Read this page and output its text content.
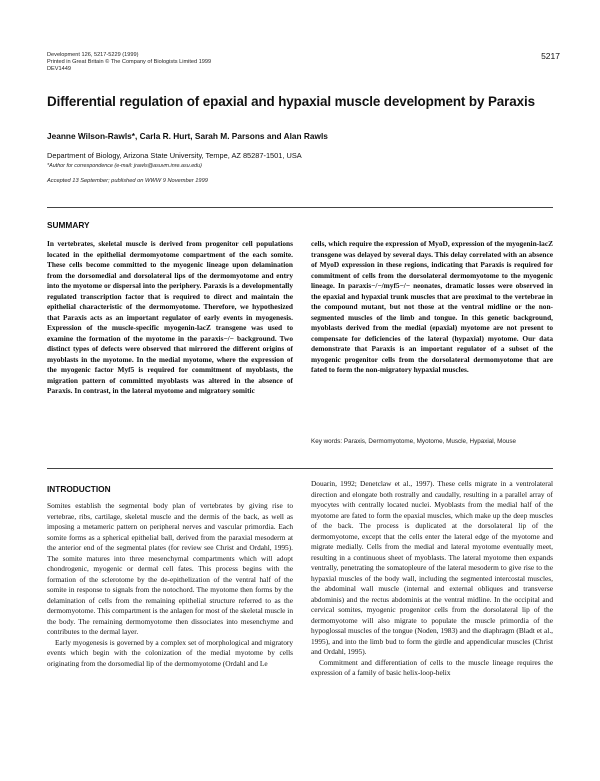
Development 126, 5217-5229 (1999)
Printed in Great Britain © The Company of Biologists Limited 1999
DEV1449
5217
Differential regulation of epaxial and hypaxial muscle development by Paraxis
Jeanne Wilson-Rawls*, Carla R. Hurt, Sarah M. Parsons and Alan Rawls
Department of Biology, Arizona State University, Tempe, AZ 85287-1501, USA
*Author for correspondence (e-mail: jrawls@asuvm.inre.asu.edu)
Accepted 13 September; published on WWW 9 November 1999
SUMMARY

In vertebrates, skeletal muscle is derived from progenitor cell populations located in the epithelial dermomyotome compartment of the each somite. These cells become committed to the myogenic lineage upon delamination from the dorsomedial and dorsolateral lips of the dermomyotome and entry into the myotome or dispersal into the periphery. Paraxis is a developmentally regulated transcription factor that is required to direct and maintain the epithelial characteristic of the dermomyotome. Therefore, we hypothesized that Paraxis acts as an important regulator of early events in myogenesis. Expression of the muscle-specific myogenin-lacZ transgene was used to examine the formation of the myotome in the paraxis−/− background. Two distinct types of defects were observed that mirrored the different origins of myoblasts in the myotome. In the medial myotome, where the expression of the myogenic factor Myf5 is required for commitment of myoblasts, the migration pattern of committed myoblasts was altered in the absence of Paraxis. In contrast, in the lateral myotome and migratory somitic

cells, which require the expression of MyoD, expression of the myogenin-lacZ transgene was delayed by several days. This delay correlated with an absence of MyoD expression in these regions, indicating that Paraxis is required for commitment of cells from the dorsolateral dermomyotome to the myogenic lineage. In paraxis−/−/myf5−/− neonates, dramatic losses were observed in the epaxial and hypaxial trunk muscles that are proximal to the vertebrae in the compound mutant, but not those at the ventral midline or the non-segmented muscles of the limb and tongue. In this genetic background, myoblasts derived from the medial (epaxial) myotome are not present to compensate for deficiencies of the lateral (hypaxial) myotome. Our data demonstrate that Paraxis is an important regulator of a subset of the myogenic progenitor cells from the dorsolateral dermomyotome that are fated to form the non-migratory hypaxial muscles.

Key words: Paraxis, Dermomyotome, Myotome, Muscle, Hypaxial, Mouse
INTRODUCTION

Somites establish the segmental body plan of vertebrates by giving rise to vertebrae, ribs, cartilage, skeletal muscle and the dermis of the back, as well as imposing a metameric pattern on peripheral nerves and vascular primordia. Each somite forms as a spherical epithelial ball, derived from the paraxial mesoderm at the anterior end of the segmental plates (for review see Christ and Ordahl, 1995). The somite matures into three mesenchymal compartments which will adopt chondrogenic, myogenic or dermal cell fates. This process begins with the formation of the sclerotome by the de-epithelization of the ventral half of the somite in response to signals from the notochord. The myotome then forms by the delamination of cells from the remaining epithelial structure referred to as the dermomyotome. This compartment is the anlagen for most of the skeletal muscle in the body. The remaining dermomyotome then dissociates into mesenchyme and contributes to the dermal layer.

Early myogenesis is governed by a complex set of morphological and migratory events which begin with the colonization of the medial myotome by cells originating from the dorsomedial lip of the dermomyotome (Ordahl and Le

Douarin, 1992; Denetclaw et al., 1997). These cells migrate in a ventrolateral direction and elongate both rostrally and caudally, resulting in a parallel array of myocytes with centrally located nuclei. Myoblasts from the medial half of the myotome are fated to form the epaxial muscles, which make up the deep muscles of the back. The process is duplicated at the dorsolateral lip of the dermomyotome, except that the cells enter the lateral edge of the myotome and migrate medially. Cells from the medial and lateral myotome eventually meet, resulting in a continuous sheet of myoblasts. The lateral myotome then expands ventrally, penetrating the somatopleure of the lateral mesoderm to give rise to the hypaxial muscles of the body wall, including the segmented intercostal muscles, the abdominal wall muscle (internal and external obliques and transverse abdominis) and the rectus abdominis at the ventral midline. In the occipital and cervical somites, myogenic progenitor cells from the dorsolateral lip of the dermomyotome will also migrate to populate the muscle primordia of the hypoglossal muscles of the tongue (Noden, 1983) and the diaphragm (Bladt et al., 1995), and into the limb bud to form the girdle and appendicular muscles (Christ and Ordahl, 1995).

Commitment and differentiation of cells to the muscle lineage requires the expression of a family of basic helix-loop-helix
